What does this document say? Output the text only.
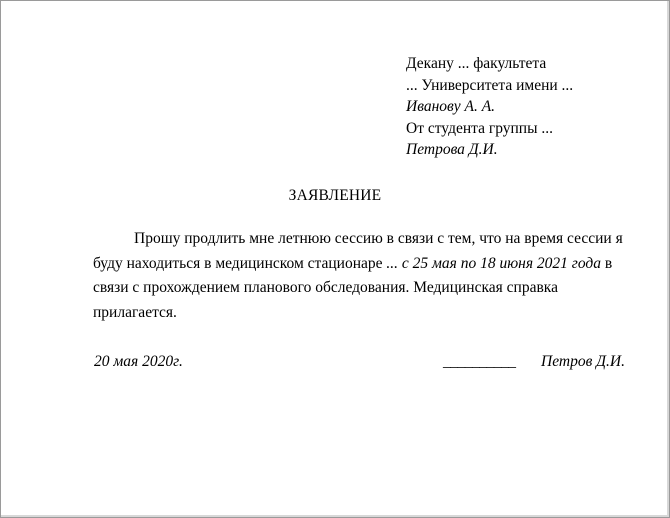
Декану ... факультета
... Университета имени ...
Иванову А. А.
От студента группы ...
Петрова Д.И.
ЗАЯВЛЕНИЕ
Прошу продлить мне летнюю сессию в связи с тем, что на время сессии я
буду находиться в медицинском стационаре ... с 25 мая по 18 июня 2021 года в
связи с прохождением планового обследования. Медицинская справка
прилагается.
20 мая 2020г.	__________ Петров Д.И.
